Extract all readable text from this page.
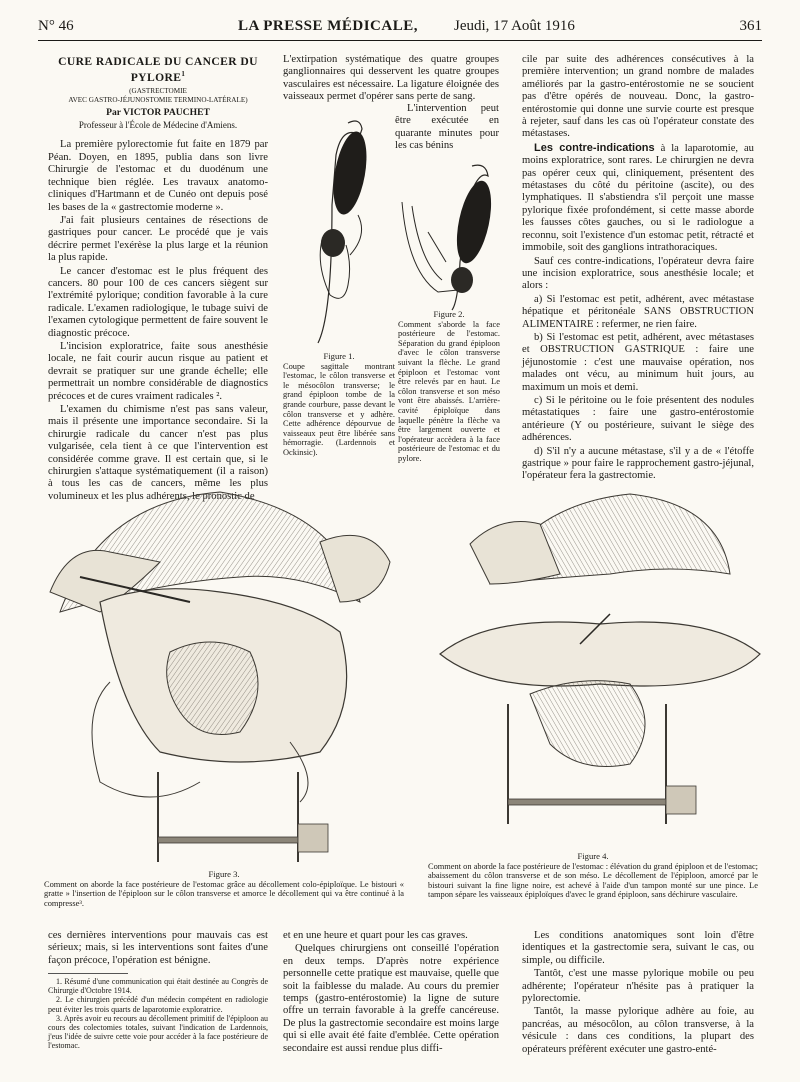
N° 46	LA PRESSE MÉDICALE, Jeudi, 17 Août 1916	361
CURE RADICALE DU CANCER DU PYLORE$^1$
(GASTRECTOMIE
AVEC GASTRO-JÉJUNOSTOMIE TERMINO-LATÉRALE)
Par VICTOR PAUCHET
Professeur à l'École de Médecine d'Amiens.

La première pylorectomie fut faite en 1879 par Péan. Doyen, en 1895, publia dans son livre Chirurgie de l'estomac et du duodénum une technique bien réglée. Les travaux anatomo-cliniques d'Hartmann et de Cunéo ont depuis posé les bases de la « gastrectomie moderne ».

J'ai fait plusieurs centaines de résections de gastriques pour cancer. Le procédé que je vais décrire permet l'exérèse la plus large et la réunion la plus rapide.

Le cancer d'estomac est le plus fréquent des cancers. 80 pour 100 de ces cancers siègent sur l'extrémité pylorique; condition favorable à la cure radicale. L'examen radiologique, le tubage suivi de l'examen cytologique permettent de faire souvent le diagnostic précoce.

L'incision exploratrice, faite sous anesthésie locale, ne fait courir aucun risque au patient et devrait se pratiquer sur une grande échelle; elle permettrait un nombre considérable de diagnostics précoces et de cures vraiment radicales ².

L'examen du chimisme n'est pas sans valeur, mais il présente une importance secondaire. Si la chirurgie radicale du cancer n'est pas plus vulgarisée, cela tient à ce que l'intervention est considérée comme grave. Il est certain que, si le chirurgien s'attaque systématiquement (il a raison) à tous les cas de cancers, même les plus volumineux et les plus adhérents, le pronostic de

L'extirpation systématique des quatre groupes ganglionnaires qui desservent les quatre groupes vasculaires est nécessaire. La ligature éloignée des vaisseaux permet d'opérer sans perte de sang.

L'intervention peut être exécutée en quarante minutes pour les cas bénins

Figure 1.
Coupe sagittale montrant l'estomac, le côlon transverse et le mésocôlon transverse; le grand épiploon tombe de la grande courbure, passe devant le côlon transverse et y adhère. Cette adhérence dépourvue de vaisseaux peut être libérée sans hémorragie. (Lardennois et Ockinsic).
Figure 2.
Comment s'aborde la face postérieure de l'estomac. Séparation du grand épiploon d'avec le côlon transverse suivant la flèche. Le grand épiploon et l'estomac vont être relevés par en haut. Le côlon transverse et son méso vont être abaissés. L'arrière-cavité épiploïque dans laquelle pénètre la flèche va être largement ouverte et l'opérateur accèdera à la face postérieure de l'estomac et du pylore.

cile par suite des adhérences consécutives à la première intervention; un grand nombre de malades améliorés par la gastro-entérostomie ne se soucient pas d'être opérés de nouveau. Donc, la gastro-entérostomie qui donne une survie courte est presque à rejeter, sauf dans les cas où l'opérateur constate des métastases.

Les contre-indications à la laparotomie, au moins exploratrice, sont rares. Le chirurgien ne devra pas opérer ceux qui, cliniquement, présentent des métastases du côté du péritoine (ascite), ou des lymphatiques. Il s'abstiendra s'il perçoit une masse pylorique fixée profondément, si cette masse aborde les fausses côtes gauches, ou si le radiologue a reconnu, soit l'existence d'un estomac petit, rétracté et immobile, soit des ganglions intrathoraciques.

Sauf ces contre-indications, l'opérateur devra faire une incision exploratrice, sous anesthésie locale; et alors :

a) Si l'estomac est petit, adhérent, avec métastase hépatique et péritonéale SANS OBSTRUCTION ALIMENTAIRE : refermer, ne rien faire.

b) Si l'estomac est petit, adhérent, avec métastases et OBSTRUCTION GASTRIQUE : faire une jéjunostomie : c'est une mauvaise opération, nos malades ont vécu, au minimum huit jours, au maximum un mois et demi.

c) Si le péritoine ou le foie présentent des nodules métastatiques : faire une gastro-entérostomie antérieure (Y ou postérieure, suivant le siège des adhérences.

d) S'il n'y a aucune métastase, s'il y a de « l'étoffe gastrique » pour faire le rapprochement gastro-jéjunal, l'opérateur fera la gastrectomie.

Figure 3.
Comment on aborde la face postérieure de l'estomac grâce au décollement colo-épiploïque. Le bistouri « gratte » l'insertion de l'épiploon sur le côlon transverse et amorce le décollement qui va être continué à la compresse³.
Figure 4.
Comment on aborde la face postérieure de l'estomac : élévation du grand épiploon et de l'estomac; abaissement du côlon transverse et de son méso. Le décollement de l'épiploon, amorcé par le bistouri suivant la fine ligne noire, est achevé à l'aide d'un tampon monté sur une pince. Le tampon sépare les vaisseaux épiploïques d'avec le grand épiploon, sans déchirure vasculaire.

ces dernières interventions pour mauvais cas est sérieux; mais, si les interventions sont faites d'une façon précoce, l'opération est bénigne.

1. Résumé d'une communication qui était destinée au Congrès de Chirurgie d'Octobre 1914.

2. Le chirurgien précédé d'un médecin compétent en radiologie peut éviter les trois quarts de laparotomie exploratrice.

3. Après avoir eu recours au décollement primitif de l'épiploon au cours des colectomies totales, suivant l'indication de Lardennois, j'eus l'idée de suivre cette voie pour accéder à la face postérieure de l'estomac.

et en une heure et quart pour les cas graves.

Quelques chirurgiens ont conseillé l'opération en deux temps. D'après notre expérience personnelle cette pratique est mauvaise, quelle que soit la faiblesse du malade. Au cours du premier temps (gastro-entérostomie) la ligne de suture offre un terrain favorable à la greffe cancéreuse. De plus la gastrectomie secondaire est moins large qui si elle avait été faite d'emblée. Cette opération secondaire est aussi rendue plus diffi-

Les conditions anatomiques sont loin d'être identiques et la gastrectomie sera, suivant le cas, ou simple, ou difficile.

Tantôt, c'est une masse pylorique mobile ou peu adhérente; l'opérateur n'hésite pas à pratiquer la pylorectomie.

Tantôt, la masse pylorique adhère au foie, au pancréas, au mésocôlon, au côlon transverse, à la vésicule : dans ces conditions, la plupart des opérateurs préfèrent exécuter une gastro-enté-
